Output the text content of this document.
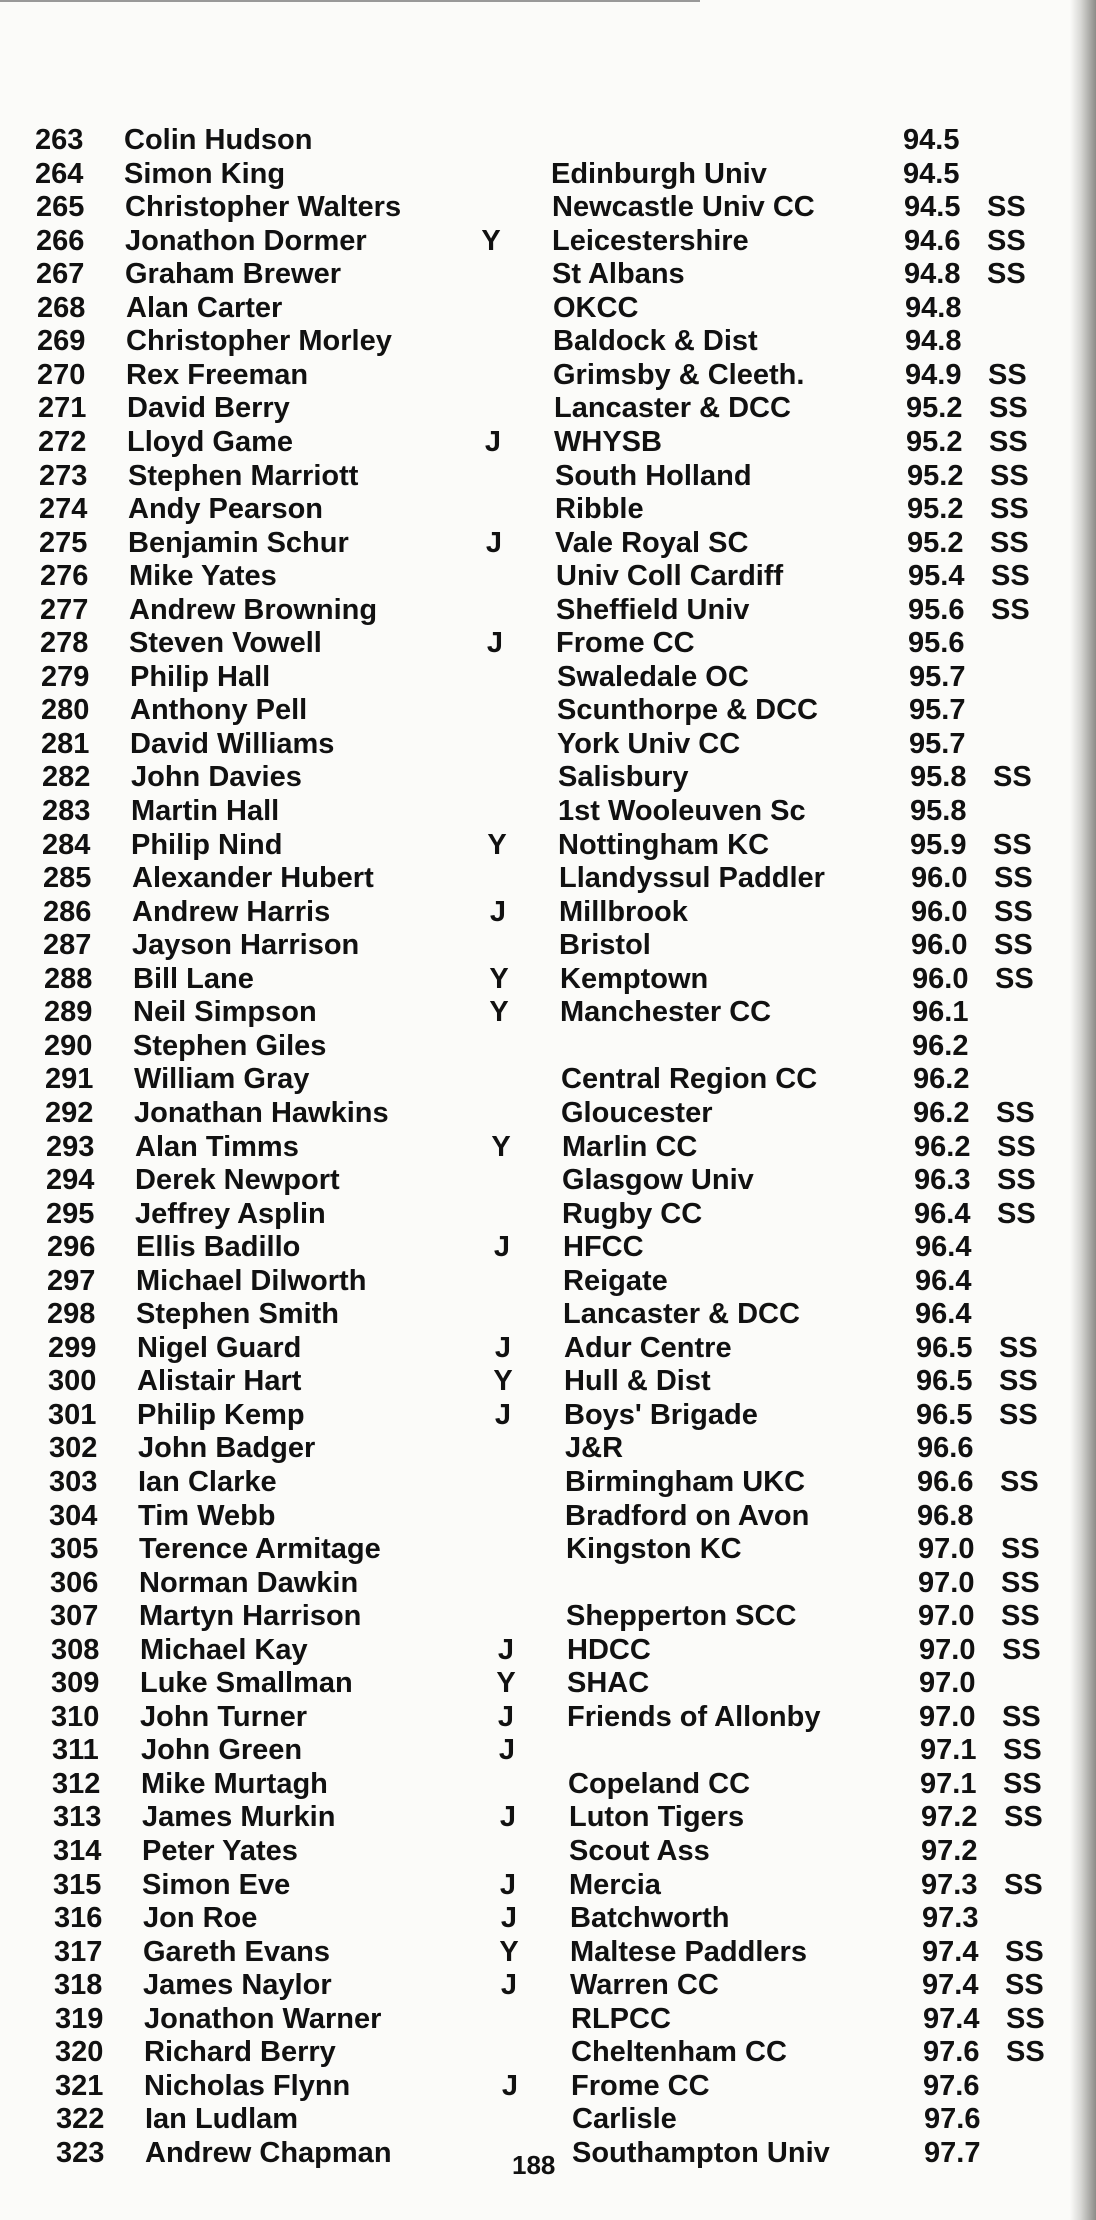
263	Colin Hudson	94.5
264	Simon King	Edinburgh Univ	94.5
265	Christopher Walters	Newcastle Univ CC	94.5 SS
266	Jonathon Dormer	Y Leicestershire	94.6 SS
267	Graham Brewer	St Albans	94.8 SS
268	Alan Carter	OKCC	94.8
269	Christopher Morley	Baldock & Dist	94.8
270	Rex Freeman	Grimsby & Cleeth.	94.9 SS
271	David Berry	Lancaster & DCC	95.2 SS
272	Lloyd Game	J WHYSB	95.2 SS
273	Stephen Marriott	South Holland	95.2 SS
274	Andy Pearson	Ribble	95.2 SS
275	Benjamin Schur	J Vale Royal SC	95.2 SS
276	Mike Yates	Univ Coll Cardiff	95.4 SS
277	Andrew Browning	Sheffield Univ	95.6 SS
278	Steven Vowell	J Frome CC	95.6
279	Philip Hall	Swaledale OC	95.7
280	Anthony Pell	Scunthorpe & DCC	95.7
281	David Williams	York Univ CC	95.7
282	John Davies	Salisbury	95.8 SS
283	Martin Hall	1st Wooleuven Sc	95.8
284	Philip Nind	Y Nottingham KC	95.9 SS
285	Alexander Hubert	Llandyssul Paddler	96.0 SS
286	Andrew Harris	J Millbrook	96.0 SS
287	Jayson Harrison	Bristol	96.0 SS
288	Bill Lane	Y Kemptown	96.0 SS
289	Neil Simpson	Y Manchester CC	96.1
290	Stephen Giles	96.2
291	William Gray	Central Region CC	96.2
292	Jonathan Hawkins	Gloucester	96.2 SS
293	Alan Timms	Y Marlin CC	96.2 SS
294	Derek Newport	Glasgow Univ	96.3 SS
295	Jeffrey Asplin	Rugby CC	96.4 SS
296	Ellis Badillo	J HFCC	96.4
297	Michael Dilworth	Reigate	96.4
298	Stephen Smith	Lancaster & DCC	96.4
299	Nigel Guard	J Adur Centre	96.5 SS
300	Alistair Hart	Y Hull & Dist	96.5 SS
301	Philip Kemp	J Boys' Brigade	96.5 SS
302	John Badger	J&R	96.6
303	Ian Clarke	Birmingham UKC	96.6 SS
304	Tim Webb	Bradford on Avon	96.8
305	Terence Armitage	Kingston KC	97.0 SS
306	Norman Dawkin	97.0 SS
307	Martyn Harrison	Shepperton SCC	97.0 SS
308	Michael Kay	J HDCC	97.0 SS
309	Luke Smallman	Y SHAC	97.0
310	John Turner	J Friends of Allonby	97.0 SS
311	John Green	J	97.1 SS
312	Mike Murtagh	Copeland CC	97.1 SS
313	James Murkin	J Luton Tigers	97.2 SS
314	Peter Yates	Scout Ass	97.2
315	Simon Eve	J Mercia	97.3 SS
316	Jon Roe	J Batchworth	97.3
317	Gareth Evans	Y Maltese Paddlers	97.4 SS
318	James Naylor	J Warren CC	97.4 SS
319	Jonathon Warner	RLPCC	97.4 SS
320	Richard Berry	Cheltenham CC	97.6 SS
321	Nicholas Flynn	J Frome CC	97.6
322	Ian Ludlam	Carlisle	97.6
323	Andrew Chapman	Southampton Univ	97.7
188
